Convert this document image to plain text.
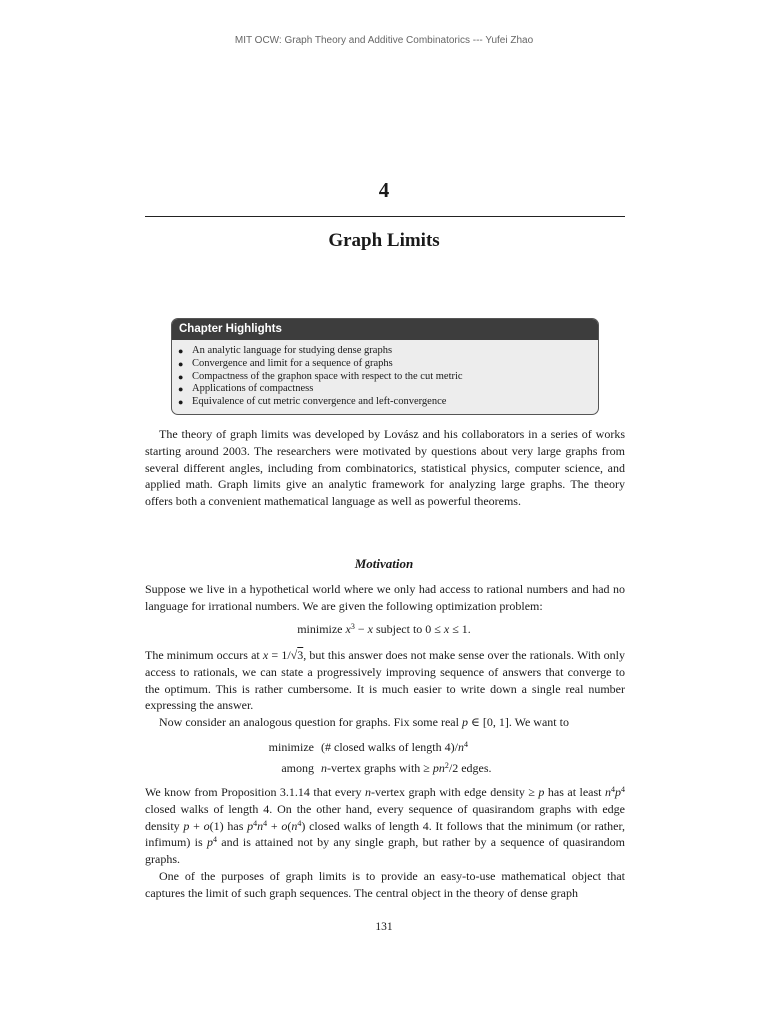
MIT OCW: Graph Theory and Additive Combinatorics --- Yufei Zhao
4
Graph Limits
Chapter Highlights
● An analytic language for studying dense graphs
● Convergence and limit for a sequence of graphs
● Compactness of the graphon space with respect to the cut metric
● Applications of compactness
● Equivalence of cut metric convergence and left-convergence

The theory of graph limits was developed by Lovász and his collaborators in a series of works starting around 2003. The researchers were motivated by questions about very large graphs from several different angles, including from combinatorics, statistical physics, computer science, and applied math. Graph limits give an analytic framework for analyzing large graphs. The theory offers both a convenient mathematical language as well as powerful theorems.

Motivation

Suppose we live in a hypothetical world where we only had access to rational numbers and had no language for irrational numbers. We are given the following optimization problem:

minimize $x^3 - x$ subject to 0 ≤ x ≤ 1.

The minimum occurs at x = 1/√3, but this answer does not make sense over the rationals. With only access to rationals, we can state a progressively improving sequence of answers that converge to the optimum. This is rather cumbersome. It is much easier to write down a single real number expressing the answer.

Now consider an analogous question for graphs. Fix some real p ∈ [0, 1]. We want to

minimize (# closed walks of length $4)/n^4$
among n-vertex graphs with ≥ $pn^2/2$ edges.

We know from Proposition 3.1.14 that every n-vertex graph with edge density ≥ p has at least $n^4p^4$ closed walks of length 4. On the other hand, every sequence of quasirandom graphs with edge density p + o(1) has $p^4n^4 + o(n^4)$ closed walks of length 4. It follows that the minimum (or rather, infimum) is $p^4$ and is attained not by any single graph, but rather by a sequence of quasirandom graphs.

One of the purposes of graph limits is to provide an easy-to-use mathematical object that captures the limit of such graph sequences. The central object in the theory of dense graph

131
